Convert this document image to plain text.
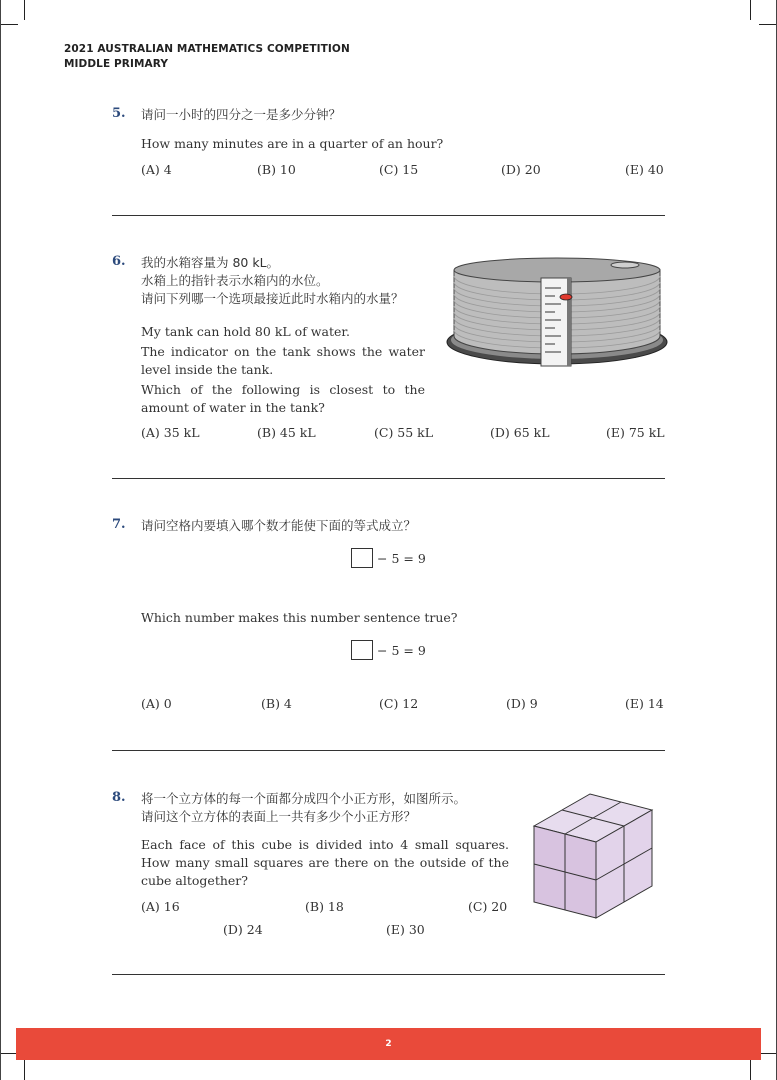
2021 AUSTRALIAN MATHEMATICS COMPETITION
MIDDLE PRIMARY
5. 请问一小时的四分之一是多少分钟？
How many minutes are in a quarter of an hour?
(A) 4	(B) 10	(C) 15	(D) 20	(E) 40
6. 我的水箱容量为 80 kL。
水箱上的指针表示水箱内的水位。
请问下列哪一个选项最接近此时水箱内的水量？
My tank can hold 80 kL of water.
The indicator on the tank shows the water level inside the tank.
Which of the following is closest to the amount of water in the tank?
(A) 35 kL	(B) 45 kL	(C) 55 kL	(D) 65 kL	(E) 75 kL
7. 请问空格内要填入哪个数才能使下面的等式成立？
− 5 = 9
Which number makes this number sentence true?
− 5 = 9
(A) 0	(B) 4	(C) 12	(D) 9	(E) 14
8. 将一个立方体的每一个面都分成四个小正方形，如图所示。
请问这个立方体的表面上一共有多少个小正方形？
Each face of this cube is divided into 4 small squares. How many small squares are there on the outside of the cube altogether?
(A) 16	(B) 18	(C) 20
(D) 24	(E) 30
2
